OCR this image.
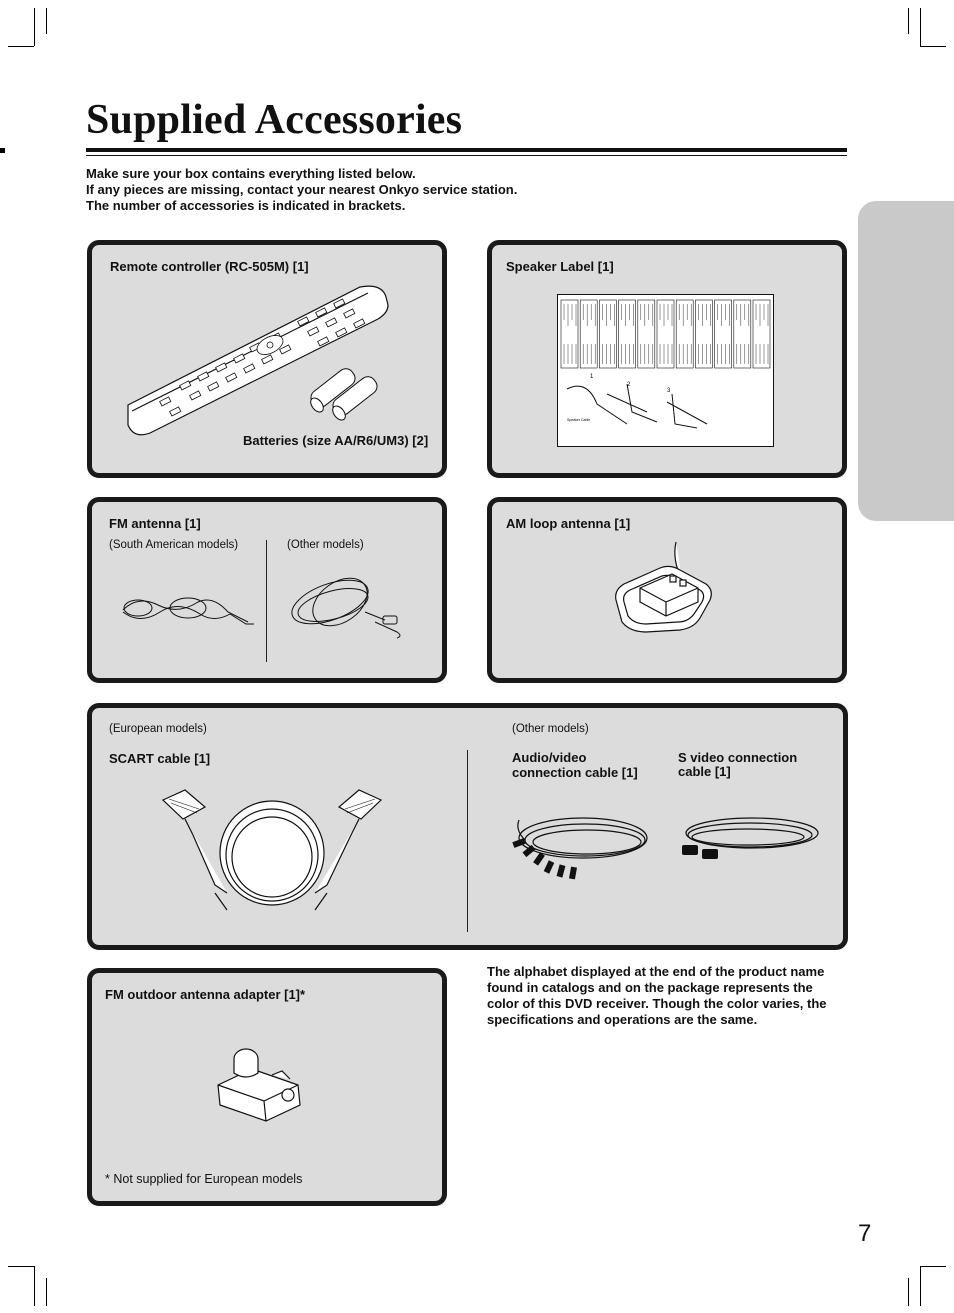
Supplied Accessories
Make sure your box contains everything listed below.
If any pieces are missing, contact your nearest Onkyo service station.
The number of accessories is indicated in brackets.
Remote controller (RC-505M) [1]
Batteries (size AA/R6/UM3) [2]
Speaker Label [1]
1
2
3
Speaker Cable
FM antenna [1]
(South American models)	(Other models)
AM loop antenna [1]
(European models)
SCART cable [1]
(Other models)
Audio/video
connection cable [1]
S video connection
cable [1]
FM outdoor antenna adapter [1]*
* Not supplied for European models
The alphabet displayed at the end of the product name found in catalogs and on the package represents the color of this DVD receiver. Though the color varies, the specifications and operations are the same.
7
